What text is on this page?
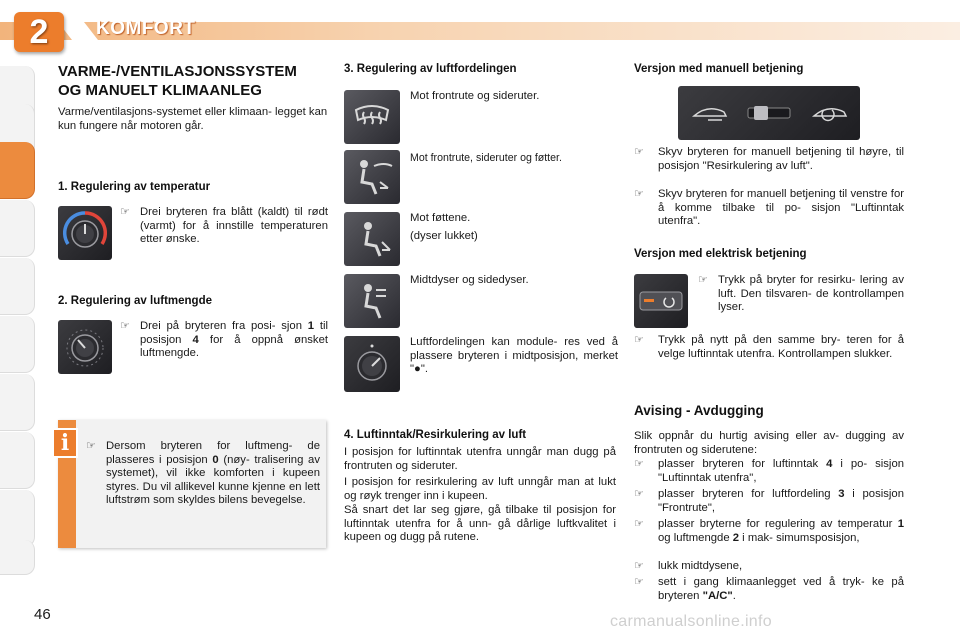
2	KOMFORT
VARME-/VENTILASJONSSYSTEM
OG MANUELT KLIMAANLEG
Varme/ventilasjons-systemet eller klimaan- legget kan kun fungere når motoren går.
1. Regulering av temperatur
☞ Drei bryteren fra blått (kaldt) til rødt (varmt) for å innstille temperaturen etter ønske.
2. Regulering av luftmengde
☞ Drei på bryteren fra posi- sjon 1 til posisjon 4 for å oppnå ønsket luftmengde.
i	☞ Dersom bryteren for luftmeng- de plasseres i posisjon 0 (nøy- tralisering av systemet), vil ikke komforten i kupeen styres. Du vil allikevel kunne kjenne en lett luftstrøm som skyldes bilens bevegelse.
3. Regulering av luftfordelingen
Mot frontrute og sideruter.
Mot frontrute, sideruter og føtter.
Mot føttene.
(dyser lukket)
Midtdyser og sidedyser.
Luftfordelingen kan module- res ved å plassere bryteren i midtposisjon, merket "●".
4. Luftinntak/Resirkulering av luft
I posisjon for luftinntak utenfra unngår man dugg på frontruten og sideruter.
I posisjon for resirkulering av luft unngår man at lukt og røyk trenger inn i kupeen.
Så snart det lar seg gjøre, gå tilbake til posisjon for luftinntak utenfra for å unn- gå dårlige luftkvalitet i kupeen og dugg på rutene.
Versjon med manuell betjening
☞	Skyv bryteren for manuell betjening til høyre, til posisjon "Resirkulering av luft".
☞	Skyv bryteren for manuell betjening til venstre for å komme tilbake til po- sisjon "Luftinntak utenfra".
Versjon med elektrisk betjening
☞ Trykk på bryter for resirku- lering av luft. Den tilsvaren- de kontrollampen lyser.
☞	Trykk på nytt på den samme bry- teren for å velge luftinntak utenfra. Kontrollampen slukker.
Avising - Avdugging
Slik oppnår du hurtig avising eller av- dugging av frontruten og siderutene:
☞	plasser bryteren for luftinntak 4 i po- sisjon "Luftinntak utenfra",
☞	plasser bryteren for luftfordeling 3 i posisjon "Frontrute",
☞	plasser bryterne for regulering av temperatur 1 og luftmengde 2 i mak- simumsposisjon,
☞	lukk midtdysene,
☞	sett i gang klimaanlegget ved å tryk- ke på bryteren "A/C".
46	carmanualsonline.info
